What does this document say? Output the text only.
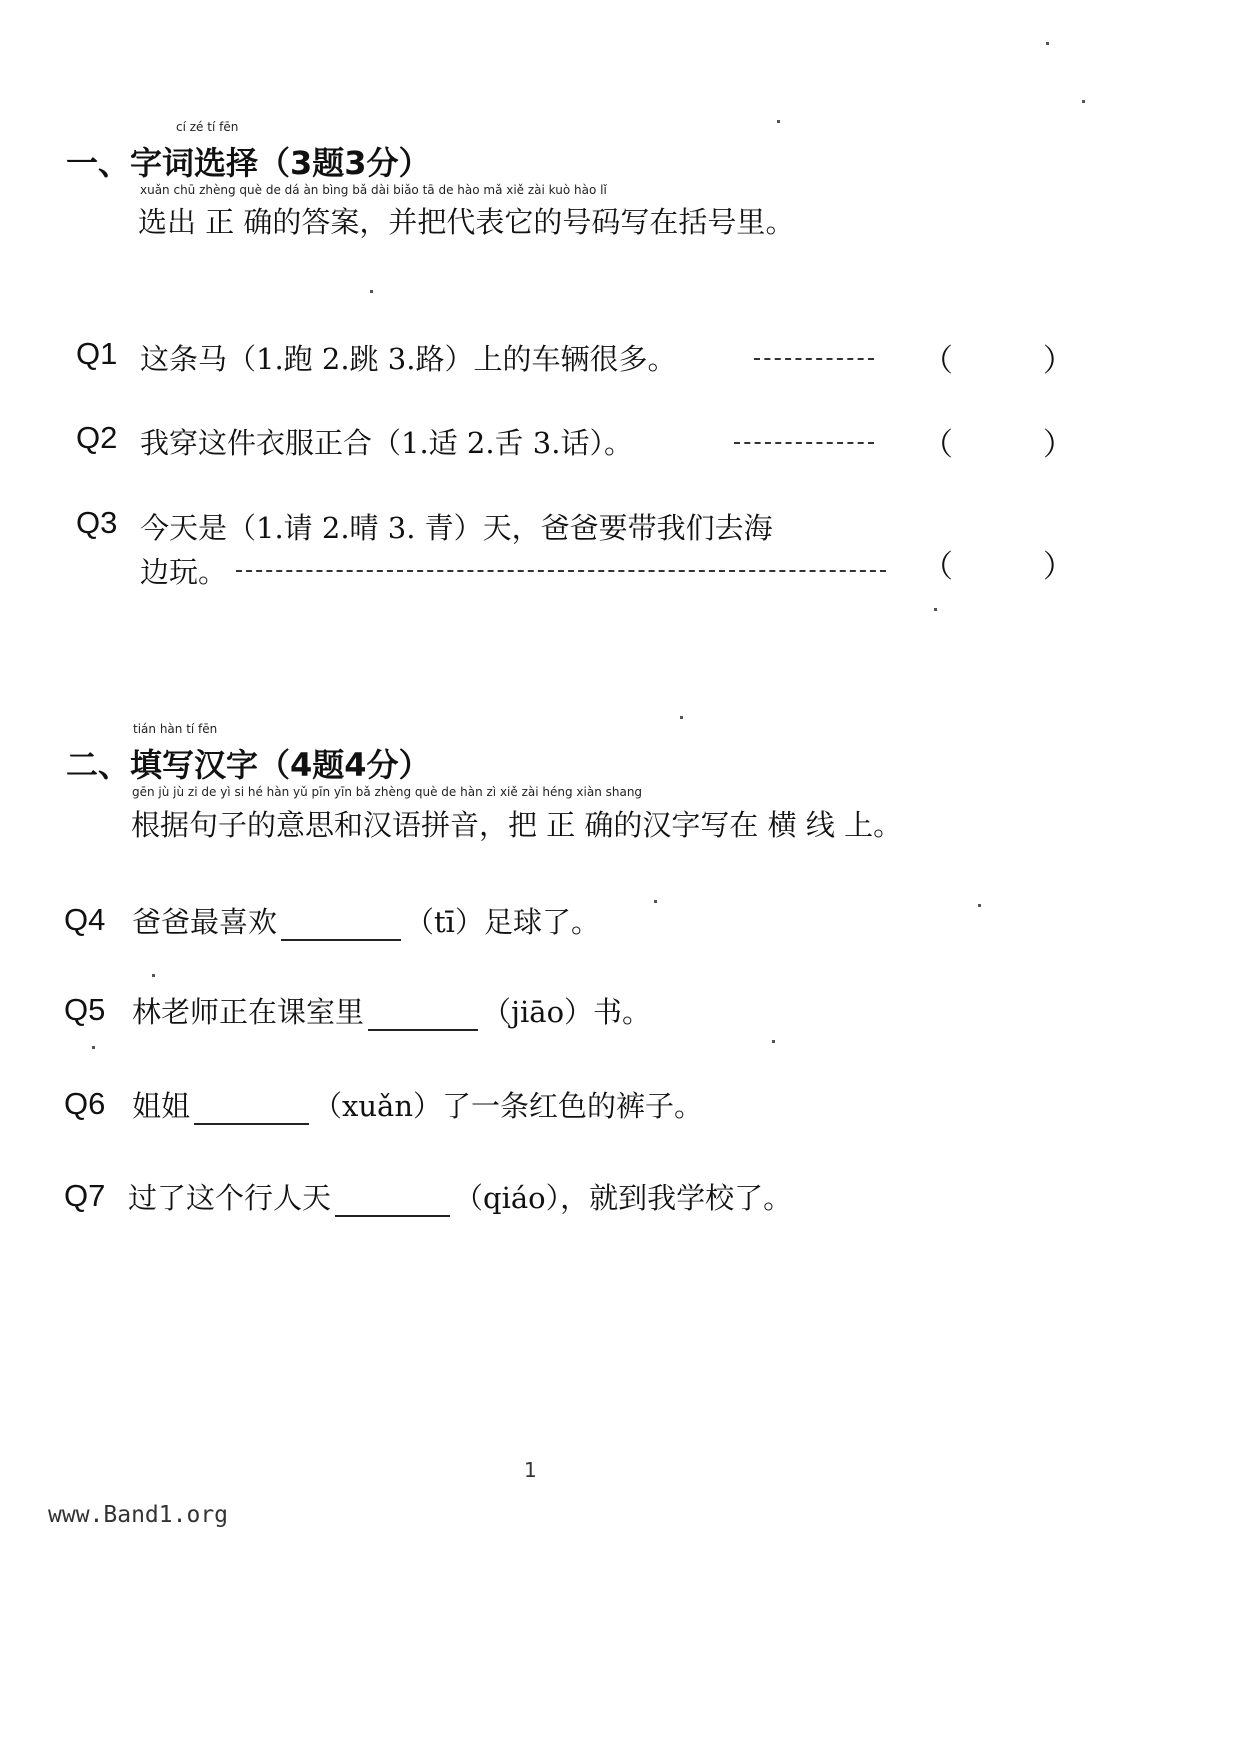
cí zé tí fēn
一、字词选择（3题3分）
xuǎn chū zhèng què de dá àn bìng bǎ dài biǎo tā de hào mǎ xiě zài kuò hào lǐ
选出 正 确的答案，并把代表它的号码写在括号里。
Q1 这条马（1.跑 2.跳 3.路）上的车辆很多。	（ ）
Q2 我穿这件衣服正合（1.适 2.舌 3.话）。	（ ）
Q3 今天是（1.请 2.晴 3. 青）天，爸爸要带我们去海
边玩。	（ ）
tián hàn tí fēn
二、填写汉字（4题4分）
gēn jù jù zi de yì si hé hàn yǔ pīn yīn bǎ zhèng què de hàn zì xiě zài héng xiàn shang
根据句子的意思和汉语拼音，把 正 确的汉字写在 横 线 上。
Q4 爸爸最喜欢	（tī）足球了。
Q5 林老师正在课室里	（jiāo）书。
Q6 姐姐	（xuǎn）了一条红色的裤子。
Q7 过了这个行人天	（qiáo），就到我学校了。
1
www.Band1.org
